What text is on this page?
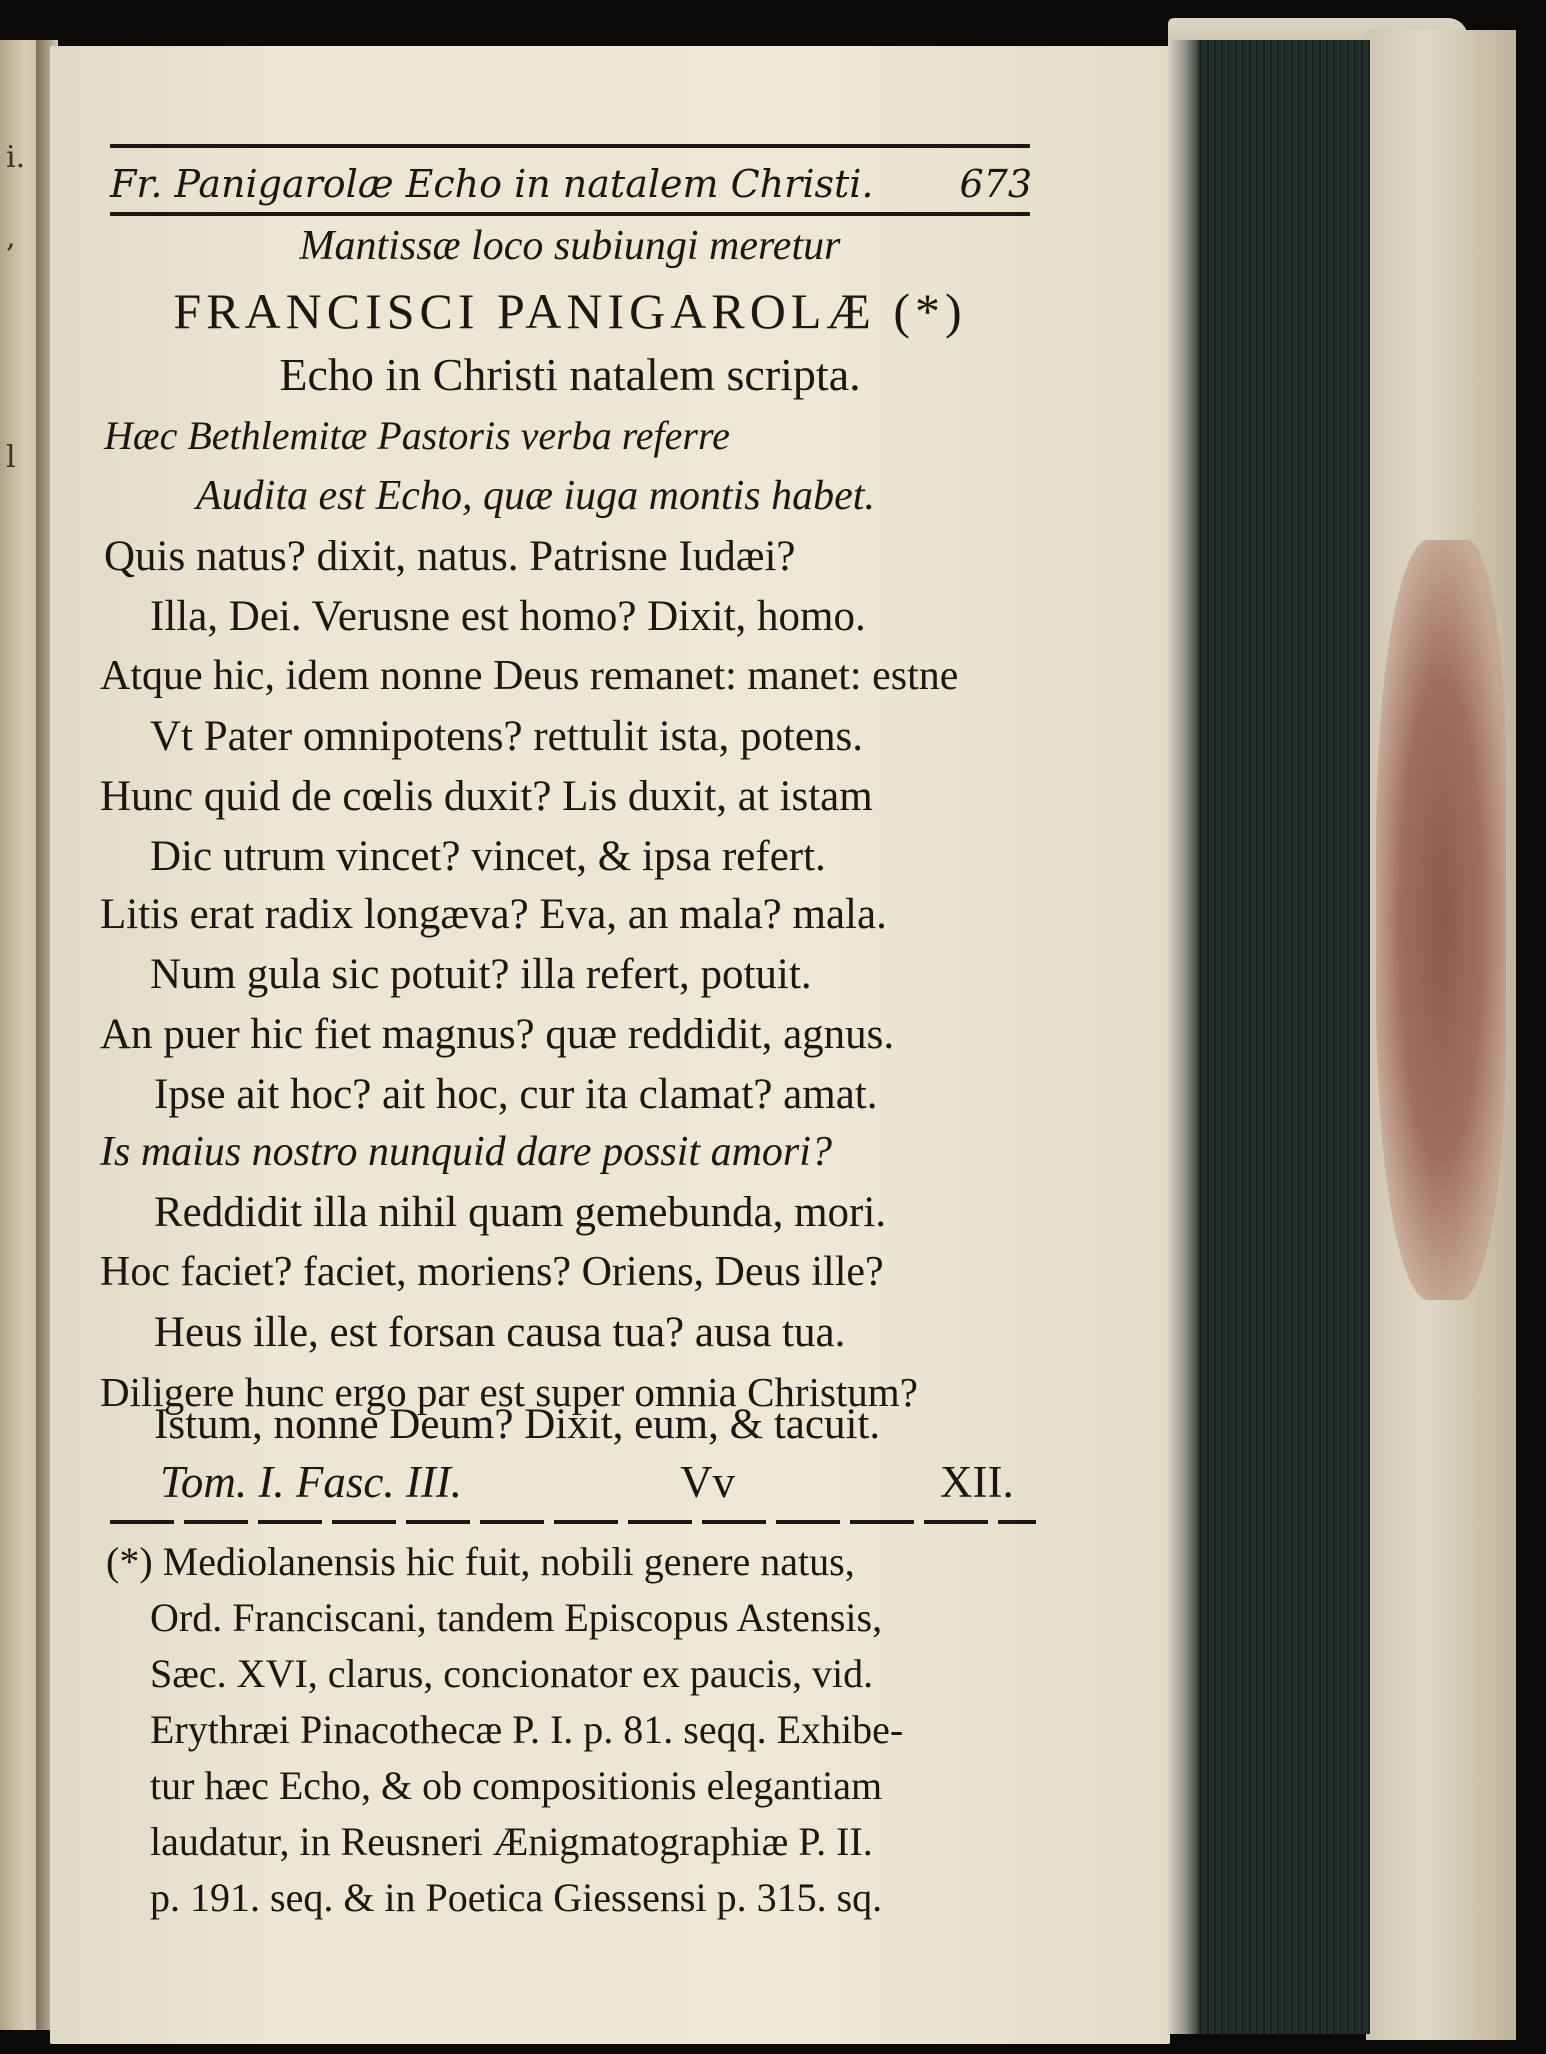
i.
,
l
Fr. Panigarolæ Echo in natalem Christi. 673
Mantissæ loco subiungi meretur
FRANCISCI PANIGAROLÆ (*)
Echo in Christi natalem scripta.
Hæc Bethlemitæ Pastoris verba referre
Audita est Echo, quæ iuga montis habet.
Quis natus? dixit, natus. Patrisne Iudæi?
Illa, Dei. Verusne est homo? Dixit, homo.
Atque hic, idem nonne Deus remanet: manet: estne
Vt Pater omnipotens? rettulit ista, potens.
Hunc quid de cœlis duxit? Lis duxit, at istam
Dic utrum vincet? vincet, & ipsa refert.
Litis erat radix longæva? Eva, an mala? mala.
Num gula sic potuit? illa refert, potuit.
An puer hic fiet magnus? quæ reddidit, agnus.
Ipse ait hoc? ait hoc, cur ita clamat? amat.
Is maius nostro nunquid dare possit amori?
Reddidit illa nihil quam gemebunda, mori.
Hoc faciet? faciet, moriens? Oriens, Deus ille?
Heus ille, est forsan causa tua? ausa tua.
Diligere hunc ergo par est super omnia Christum?
Istum, nonne Deum? Dixit, eum, & tacuit.
Tom. I. Fasc. III.	Vv	XII.
(*) Mediolanensis hic fuit, nobili genere natus,
Ord. Franciscani, tandem Episcopus Astensis,
Sæc. XVI, clarus, concionator ex paucis, vid.
Erythræi Pinacothecæ P. I. p. 81. seqq. Exhibe-
tur hæc Echo, & ob compositionis elegantiam
laudatur, in Reusneri Ænigmatographiæ P. II.
p. 191. seq. & in Poetica Giessensi p. 315. sq.
